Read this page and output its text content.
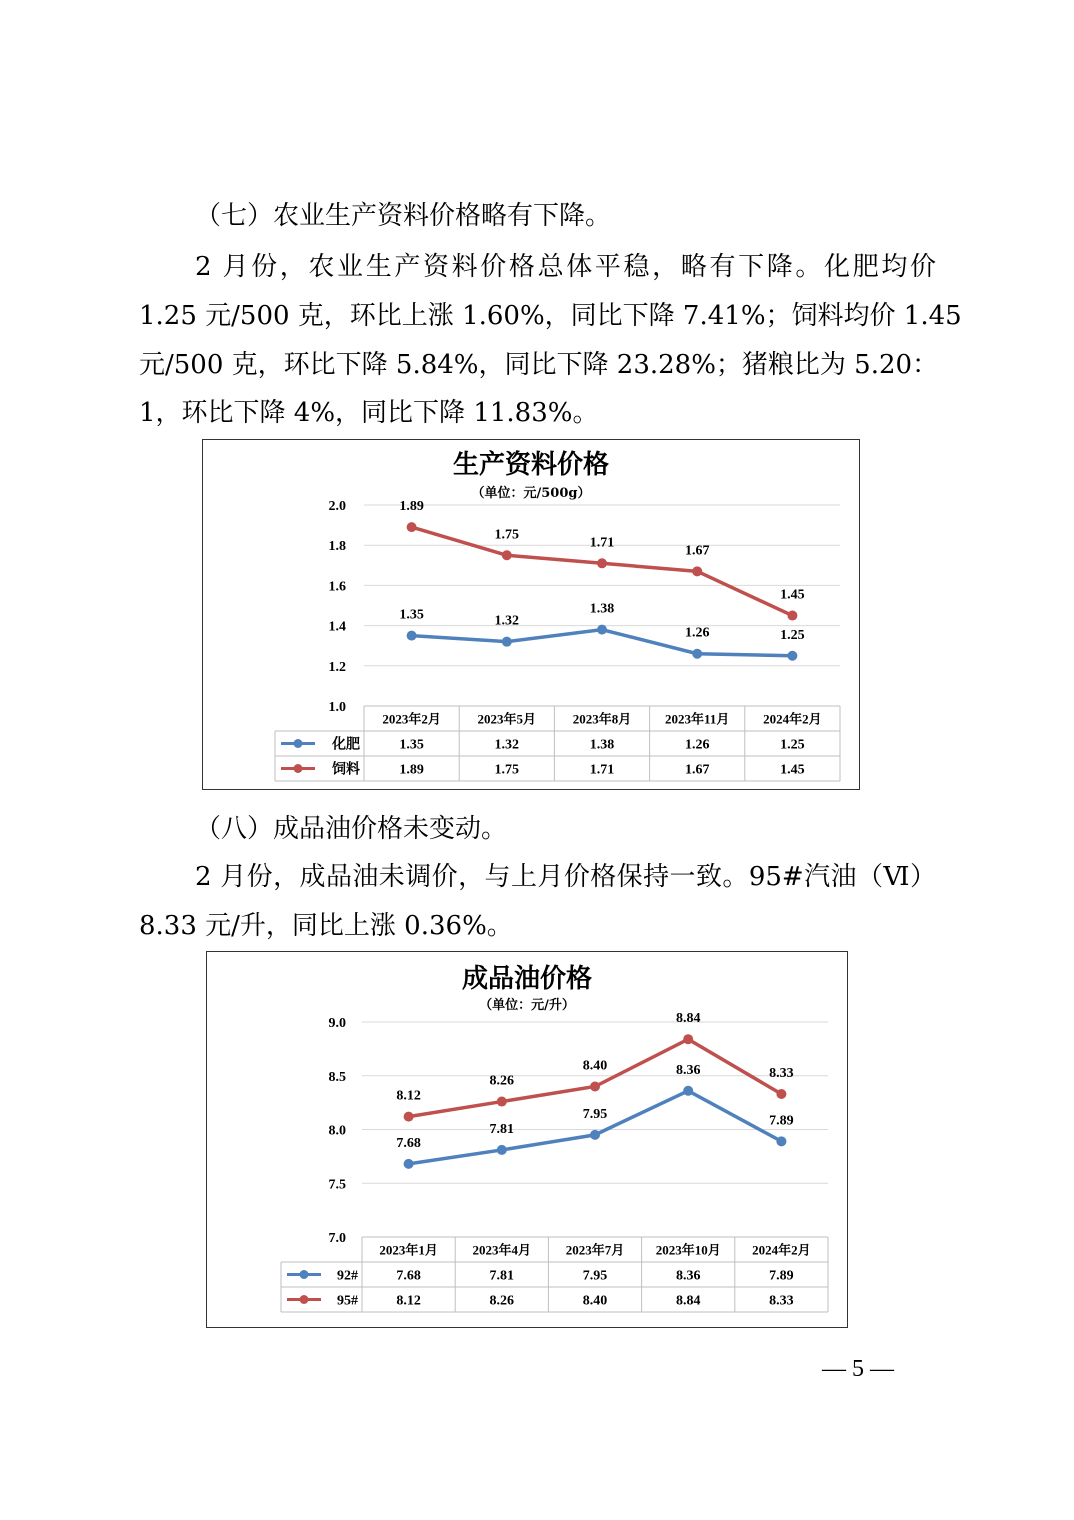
（七）农业生产资料价格略有下降。
2 月份，农业生产资料价格总体平稳，略有下降。化肥均价
1.25 元/500 克，环比上涨 1.60%，同比下降 7.41%；饲料均价 1.45
元/500 克，环比下降 5.84%，同比下降 23.28%；猪粮比为 5.20：
1，环比下降 4%，同比下降 11.83%。
生产资料价格
（单位：元/500g）
1.0
1.2
1.4
1.6
1.8
2.0
1.35	1.32
1.38
1.26	1.25
1.89
1.75
1.71
1.67
1.45
2023年2月	2023年5月	2023年8月	2023年11月	2024年2月
化肥	1.35	1.32	1.38	1.26	1.25
饲料	1.89	1.75	1.71	1.67	1.45
（八）成品油价格未变动。
2 月份，成品油未调价，与上月价格保持一致。95#汽油（Ⅵ）
8.33 元/升，同比上涨 0.36%。
成品油价格
（单位：元/升）
7.0
7.5
8.0
8.5
9.0
7.68
7.81
7.95
8.36
7.89
8.12
8.26
8.40
8.84
8.33
2023年1月	2023年4月	2023年7月 2023年10月 2024年2月
92#	7.68	7.81	7.95	8.36	7.89
95#	8.12	8.26	8.40	8.84	8.33
— 5 —
